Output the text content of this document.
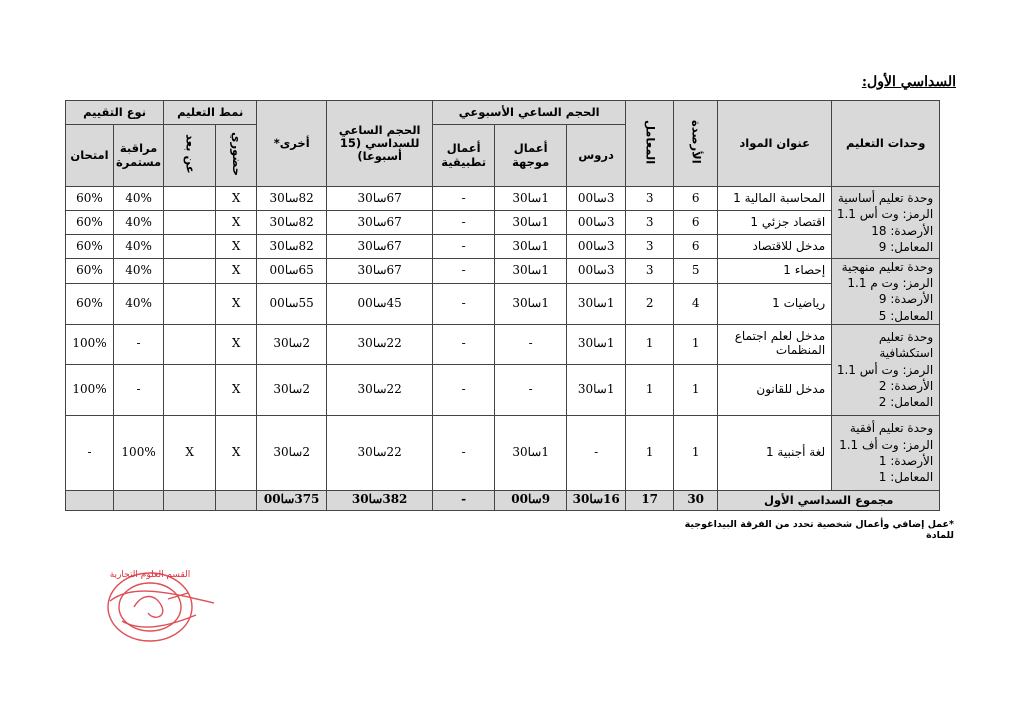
السداسي الأول:
وحدات التعليم	عنوان المواد	الأرصدة	المعامل	الحجم الساعي الأسبوعي			الحجم الساعي للسداسي (15 أسبوعا)	أخرى*	نمط التعليم		نوع التقييم	
				دروس	أعمال موجهة	أعمال تطبيقية			حضوري	عن بعد	مراقبة مستمرة	امتحان

وحدة تعليم أساسية
الرمز: وت أس 1.1
الأرصدة: 18
المعامل: 9	المحاسبة المالية 1	6	3	3سا00	1سا30	-	67سا30	82سا30	X		40%	60%
	اقتصاد جزئي 1	6	3	3سا00	1سا30	-	67سا30	82سا30	X		40%	60%
	مدخل للاقتصاد	6	3	3سا00	1سا30	-	67سا30	82سا30	X		40%	60%

وحدة تعليم منهجية
الرمز: وت م 1.1
الأرصدة: 9
المعامل: 5	إحصاء 1	5	3	3سا00	1سا30	-	67سا30	65سا00	X		40%	60%
	رياضيات 1	4	2	1سا30	1سا30	-	45سا00	55سا00	X		40%	60%

وحدة تعليم استكشافية
الرمز: وت أس 1.1
الأرصدة: 2
المعامل: 2	مدخل لعلم اجتماع المنظمات	1	1	1سا30	-	-	22سا30	2سا30	X		-	100%
	مدخل للقانون	1	1	1سا30	-	-	22سا30	2سا30	X		-	100%

وحدة تعليم أفقية
الرمز: وت أف 1.1
الأرصدة: 1
المعامل: 1	لغة أجنبية 1	1	1	-	1سا30	-	22سا30	2سا30	X	X	100%	-
مجموع السداسي الأول		30	17	16سا30	9سا00	-	382سا30	375سا00				
*عمل إضافي وأعمال شخصية تحدد من الفرقة البيداغوجية للمادة
القسم العلوم التجارية
